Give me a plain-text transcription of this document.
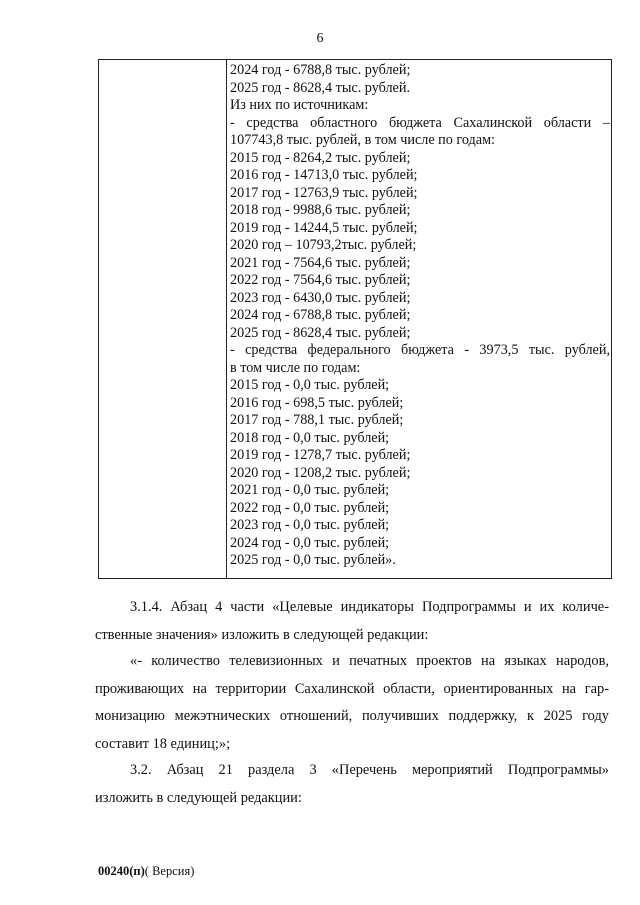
6
2024 год - 6788,8 тыс. рублей;
2025 год - 8628,4 тыс. рублей.
Из них по источникам:
- средства областного бюджета Сахалинской области –
107743,8 тыс. рублей, в том числе по годам:
2015 год - 8264,2 тыс. рублей;
2016 год - 14713,0 тыс. рублей;
2017 год - 12763,9 тыс. рублей;
2018 год - 9988,6 тыс. рублей;
2019 год - 14244,5 тыс. рублей;
2020 год – 10793,2тыс. рублей;
2021 год - 7564,6 тыс. рублей;
2022 год - 7564,6 тыс. рублей;
2023 год - 6430,0 тыс. рублей;
2024 год - 6788,8 тыс. рублей;
2025 год - 8628,4 тыс. рублей;
- средства федерального бюджета - 3973,5 тыс. рублей,
в том числе по годам:
2015 год - 0,0 тыс. рублей;
2016 год - 698,5 тыс. рублей;
2017 год - 788,1 тыс. рублей;
2018 год - 0,0 тыс. рублей;
2019 год - 1278,7 тыс. рублей;
2020 год - 1208,2 тыс. рублей;
2021 год - 0,0 тыс. рублей;
2022 год - 0,0 тыс. рублей;
2023 год - 0,0 тыс. рублей;
2024 год - 0,0 тыс. рублей;
2025 год - 0,0 тыс. рублей».
3.1.4. Абзац 4 части «Целевые индикаторы Подпрограммы и их количе-
ственные значения» изложить в следующей редакции:
«- количество телевизионных и печатных проектов на языках народов,
проживающих на территории Сахалинской области, ориентированных на гар-
монизацию межэтнических отношений, получивших поддержку, к 2025 году
составит 18 единиц;»;
3.2. Абзац 21 раздела 3 «Перечень мероприятий Подпрограммы»
изложить в следующей редакции:
00240(п)( Версия)
